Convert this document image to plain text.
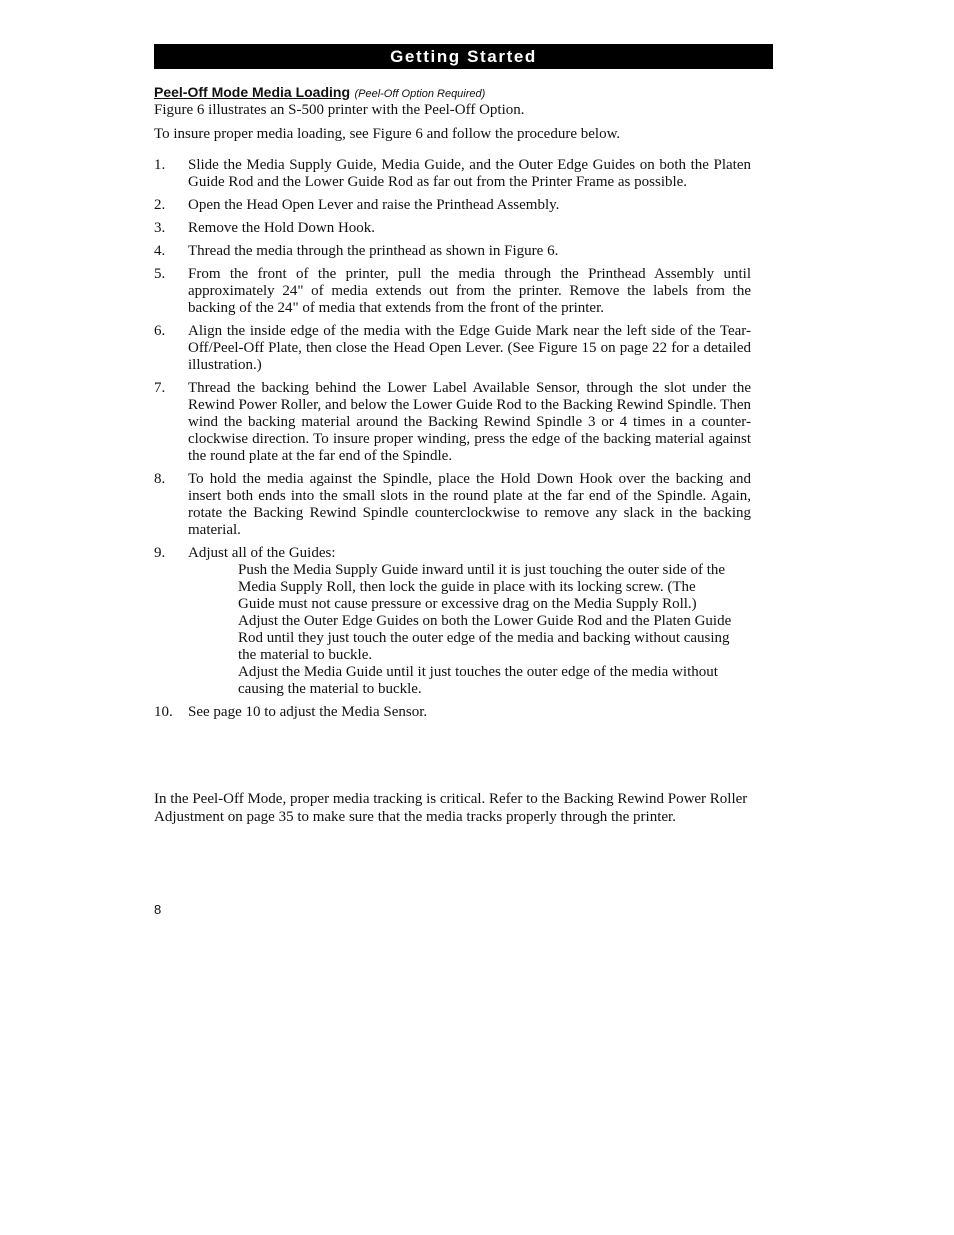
Getting Started
Peel-Off Mode Media Loading (Peel-Off Option Required)
Figure 6 illustrates an S-500 printer with the Peel-Off Option.
To insure proper media loading, see Figure 6 and follow the procedure below.
1.	Slide the Media Supply Guide, Media Guide, and the Outer Edge Guides on both the Platen Guide Rod and the Lower Guide Rod as far out from the Printer Frame as possible.
2.	Open the Head Open Lever and raise the Printhead Assembly.
3.	Remove the Hold Down Hook.
4.	Thread the media through the printhead as shown in Figure 6.
5.	From the front of the printer, pull the media through the Printhead Assembly until approximately 24" of media extends out from the printer. Remove the labels from the backing of the 24" of media that extends from the front of the printer.
6.	Align the inside edge of the media with the Edge Guide Mark near the left side of the Tear-Off/Peel-Off Plate, then close the Head Open Lever. (See Figure 15 on page 22 for a detailed illustration.)
7.	Thread the backing behind the Lower Label Available Sensor, through the slot under the Rewind Power Roller, and below the Lower Guide Rod to the Backing Rewind Spindle. Then wind the backing material around the Backing Rewind Spindle 3 or 4 times in a counter-clockwise direction. To insure proper winding, press the edge of the backing material against the round plate at the far end of the Spindle.
8.	To hold the media against the Spindle, place the Hold Down Hook over the backing and insert both ends into the small slots in the round plate at the far end of the Spindle. Again, rotate the Backing Rewind Spindle counterclockwise to remove any slack in the backing material.
9.	Adjust all of the Guides:
Push the Media Supply Guide inward until it is just touching the outer side of the Media Supply Roll, then lock the guide in place with its locking screw. (The Guide must not cause pressure or excessive drag on the Media Supply Roll.)
Adjust the Outer Edge Guides on both the Lower Guide Rod and the Platen Guide Rod until they just touch the outer edge of the media and backing without causing the material to buckle.
Adjust the Media Guide until it just touches the outer edge of the media without causing the material to buckle.
10.	See page 10 to adjust the Media Sensor.
In the Peel-Off Mode, proper media tracking is critical. Refer to the Backing Rewind Power Roller Adjustment on page 35 to make sure that the media tracks properly through the printer.
8
